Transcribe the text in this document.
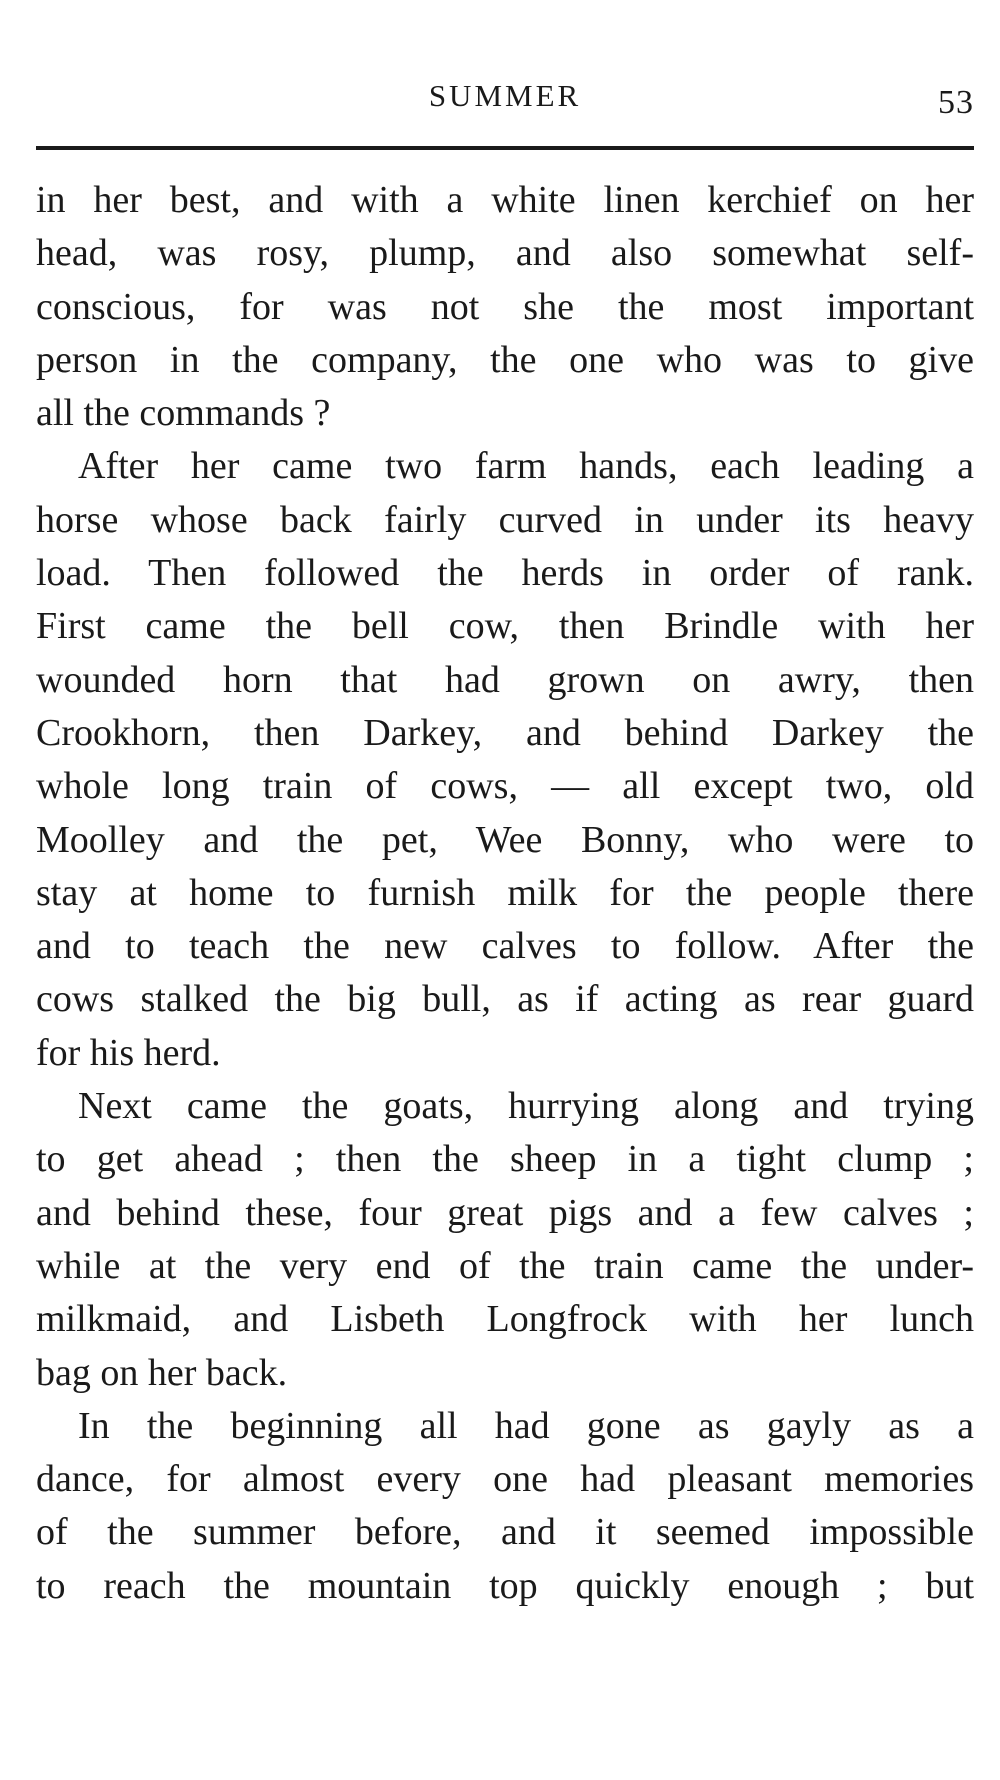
SUMMER	53

in her best, and with a white linen kerchief on her
head, was rosy, plump, and also somewhat self-
conscious, for was not she the most important
person in the company, the one who was to give
all the commands ?

After her came two farm hands, each leading a
horse whose back fairly curved in under its heavy
load. Then followed the herds in order of rank.
First came the bell cow, then Brindle with her
wounded horn that had grown on awry, then
Crookhorn, then Darkey, and behind Darkey the
whole long train of cows, — all except two, old
Moolley and the pet, Wee Bonny, who were to
stay at home to furnish milk for the people there
and to teach the new calves to follow. After the
cows stalked the big bull, as if acting as rear guard
for his herd.

Next came the goats, hurrying along and trying
to get ahead ; then the sheep in a tight clump ;
and behind these, four great pigs and a few calves ;
while at the very end of the train came the under-
milkmaid, and Lisbeth Longfrock with her lunch
bag on her back.

In the beginning all had gone as gayly as a
dance, for almost every one had pleasant memories
of the summer before, and it seemed impossible
to reach the mountain top quickly enough ; but
